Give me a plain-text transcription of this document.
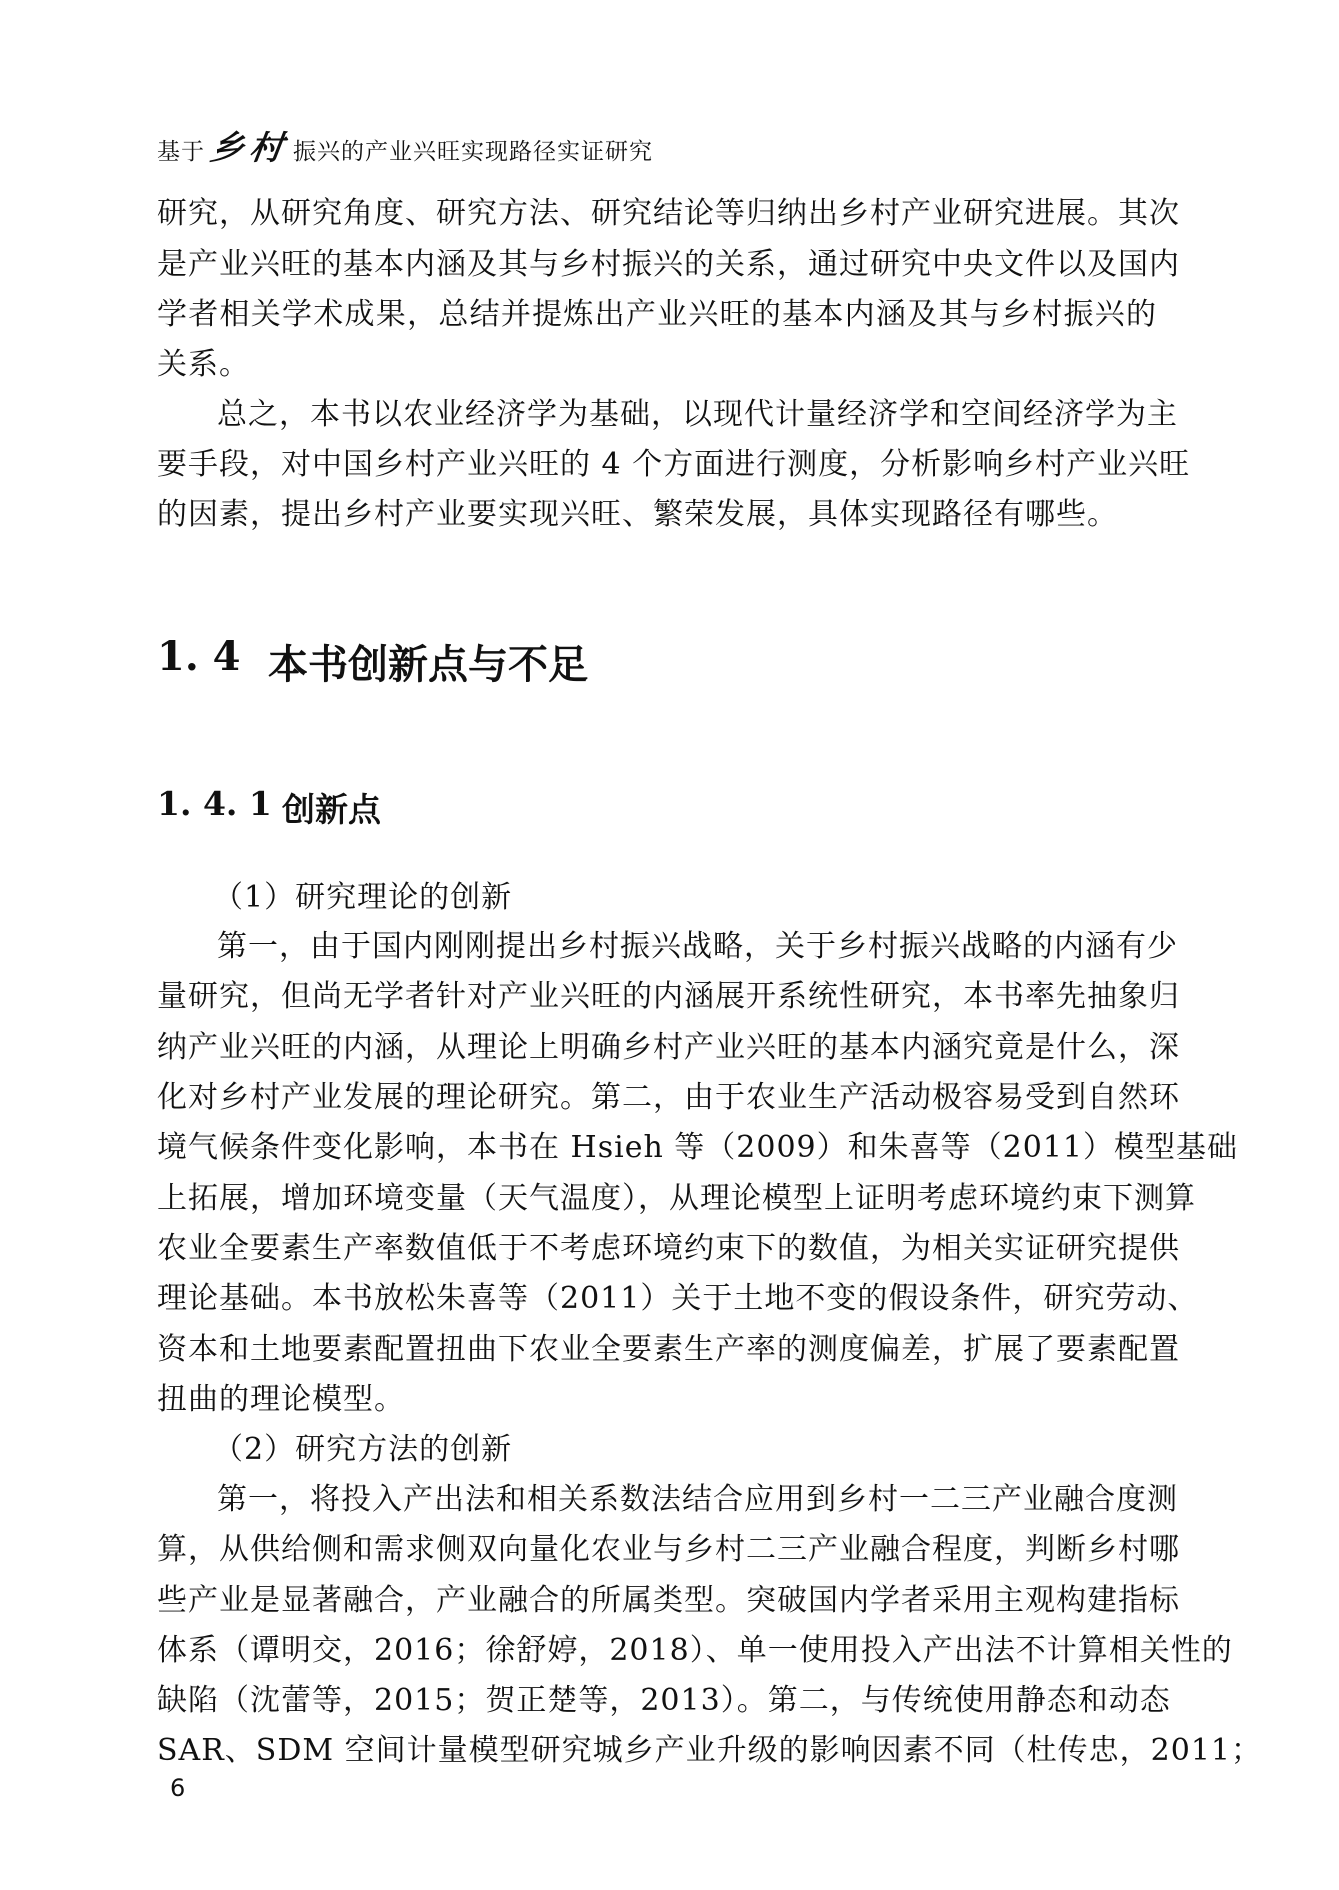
基于 乡村 振兴的产业兴旺实现路径实证研究
研究，从研究角度、研究方法、研究结论等归纳出乡村产业研究进展。其次
是产业兴旺的基本内涵及其与乡村振兴的关系，通过研究中央文件以及国内
学者相关学术成果，总结并提炼出产业兴旺的基本内涵及其与乡村振兴的
关系。
总之，本书以农业经济学为基础，以现代计量经济学和空间经济学为主
要手段，对中国乡村产业兴旺的 4 个方面进行测度，分析影响乡村产业兴旺
的因素，提出乡村产业要实现兴旺、繁荣发展，具体实现路径有哪些。
1. 4 本书创新点与不足
1. 4. 1 创新点
（1）研究理论的创新
第一，由于国内刚刚提出乡村振兴战略，关于乡村振兴战略的内涵有少
量研究，但尚无学者针对产业兴旺的内涵展开系统性研究，本书率先抽象归
纳产业兴旺的内涵，从理论上明确乡村产业兴旺的基本内涵究竟是什么，深
化对乡村产业发展的理论研究。第二，由于农业生产活动极容易受到自然环
境气候条件变化影响，本书在 Hsieh 等（2009）和朱喜等（2011）模型基础
上拓展，增加环境变量（天气温度），从理论模型上证明考虑环境约束下测算
农业全要素生产率数值低于不考虑环境约束下的数值，为相关实证研究提供
理论基础。本书放松朱喜等（2011）关于土地不变的假设条件，研究劳动、
资本和土地要素配置扭曲下农业全要素生产率的测度偏差，扩展了要素配置
扭曲的理论模型。
（2）研究方法的创新
第一，将投入产出法和相关系数法结合应用到乡村一二三产业融合度测
算，从供给侧和需求侧双向量化农业与乡村二三产业融合程度，判断乡村哪
些产业是显著融合，产业融合的所属类型。突破国内学者采用主观构建指标
体系（谭明交，2016；徐舒婷，2018）、单一使用投入产出法不计算相关性的
缺陷（沈蕾等，2015；贺正楚等，2013）。第二，与传统使用静态和动态
SAR、SDM 空间计量模型研究城乡产业升级的影响因素不同（杜传忠，2011；
6
